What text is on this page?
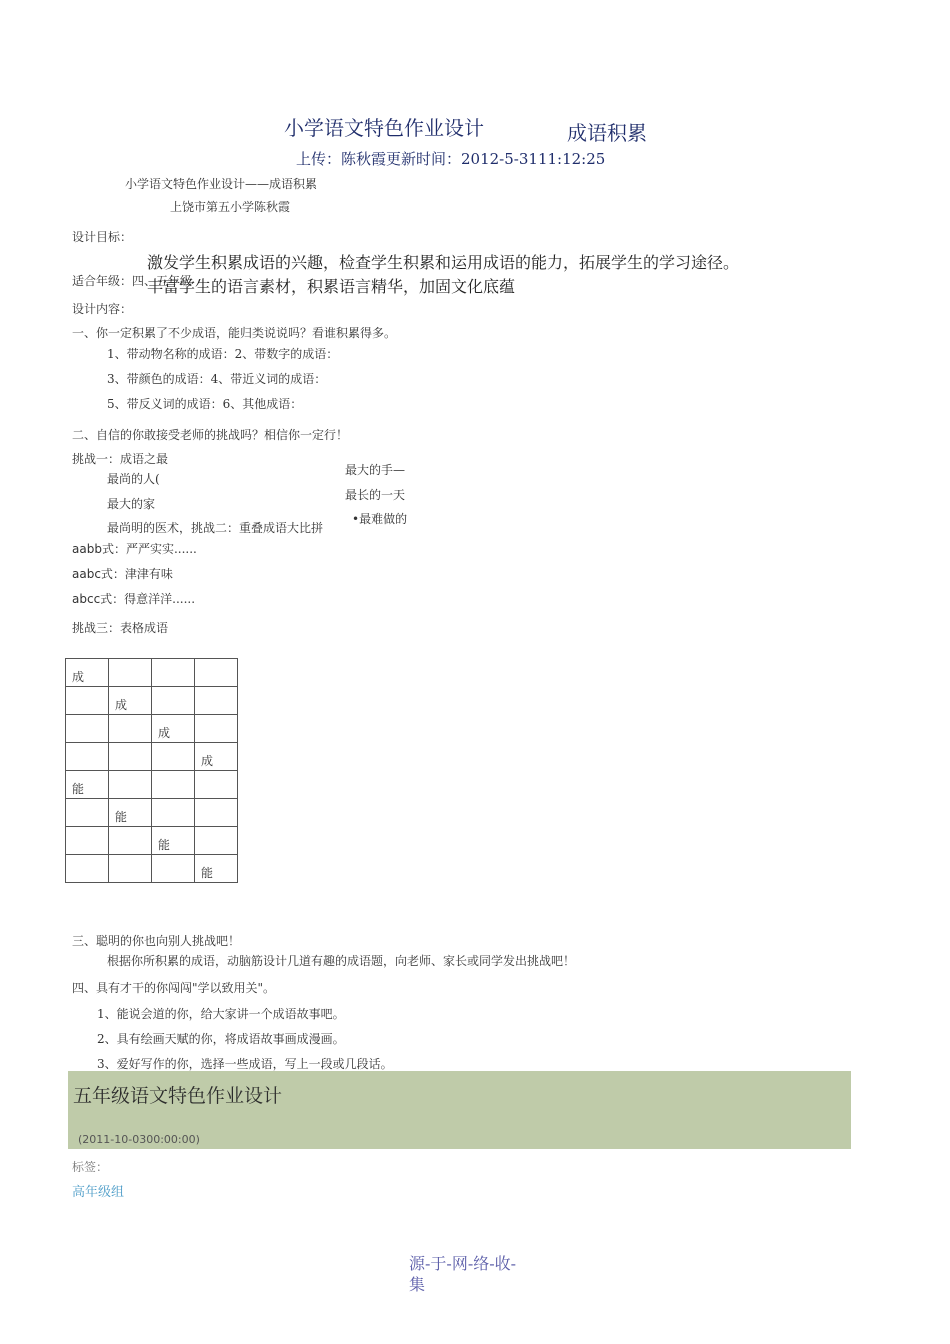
小学语文特色作业设计	成语积累
上传：陈秋霞更新时间：2012-5-3111:12:25
小学语文特色作业设计——成语积累
上饶市第五小学陈秋霞
设计目标：
激发学生积累成语的兴趣，检查学生积累和运用成语的能力，拓展学生的学习途径。
丰富学生的语言素材，积累语言精华，加固文化底蕴
适合年级：四、五年级
设计内容：
一、你一定积累了不少成语，能归类说说吗？看谁积累得多。
1、带动物名称的成语：2、带数字的成语：
3、带颜色的成语：4、带近义词的成语：
5、带反义词的成语：6、其他成语：
二、自信的你敢接受老师的挑战吗？相信你一定行！
挑战一：成语之最
最尚的人(
最大的家
最尚明的医术，挑战二：重叠成语大比拼
最大的手—
最长的一天
•最难做的
aabb式：严严实实......
aabc式：津津有味
abcc式：得意洋洋......
挑战三：表格成语
成			

	成		

		成	

			成

能			

	能		

		能	

			能
三、聪明的你也向别人挑战吧！
根据你所积累的成语，动脑筋设计几道有趣的成语题，向老师、家长或同学发出挑战吧！
四、具有才干的你闯闯"学以致用关"。
1、能说会道的你，给大家讲一个成语故事吧。
2、具有绘画天赋的你，将成语故事画成漫画。
3、爱好写作的你，选择一些成语，写上一段或几段话。
五年级语文特色作业设计
(2011-10-0300:00:00)
标签：
高年级组
源-于-网-络-收-
集
